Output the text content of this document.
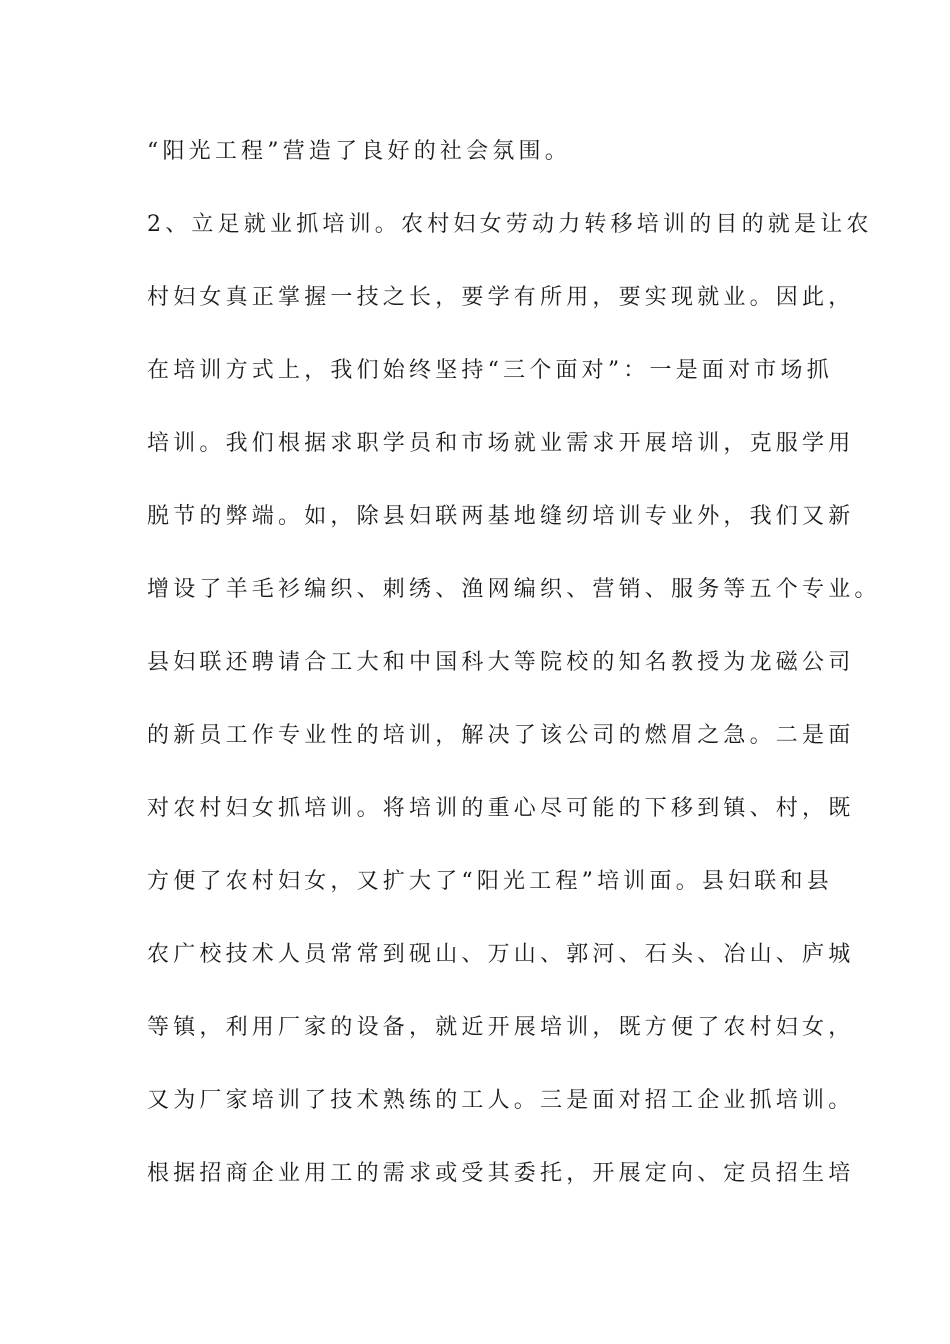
“阳光工程”营造了良好的社会氛围。

2、立足就业抓培训。农村妇女劳动力转移培训的目的就是让农

村妇女真正掌握一技之长，要学有所用，要实现就业。因此，

在培训方式上，我们始终坚持“三个面对”：一是面对市场抓

培训。我们根据求职学员和市场就业需求开展培训，克服学用

脱节的弊端。如，除县妇联两基地缝纫培训专业外，我们又新

增设了羊毛衫编织、刺绣、渔网编织、营销、服务等五个专业。

县妇联还聘请合工大和中国科大等院校的知名教授为龙磁公司

的新员工作专业性的培训，解决了该公司的燃眉之急。二是面

对农村妇女抓培训。将培训的重心尽可能的下移到镇、村，既

方便了农村妇女，又扩大了“阳光工程”培训面。县妇联和县

农广校技术人员常常到砚山、万山、郭河、石头、冶山、庐城

等镇，利用厂家的设备，就近开展培训，既方便了农村妇女，

又为厂家培训了技术熟练的工人。三是面对招工企业抓培训。

根据招商企业用工的需求或受其委托，开展定向、定员招生培
